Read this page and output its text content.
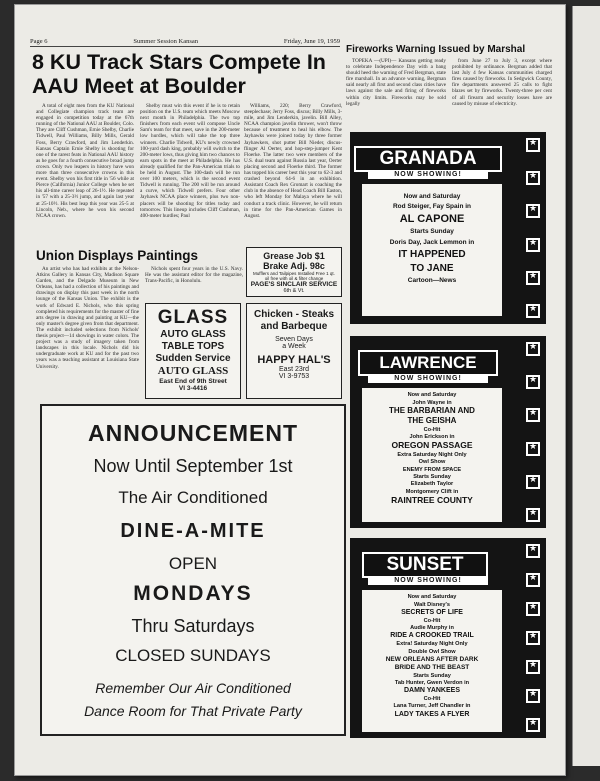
Page 6	Summer Session Kansan	Friday, June 19, 1959
8 KU Track Stars Compete In AAU Meet at Boulder

A total of eight men from the KU National and Collegiate champion track team are engaged in competition today at the 67th running of the National AAU at Boulder, Colo. They are Cliff Cushman, Ernie Shelby, Charlie Tidwell, Paul Williams, Billy Mills, Gerald Foss, Berry Crawford, and Jim Lenderkin. Kansas Captain Ernie Shelby is shooting for one of the rarest feats in National AAU history as he goes for a fourth consecutive broad jump crown. Only two leapers in history have won more than three consecutive crowns in this event. Shelby won his first title in '56 while at Pierce (California) Junior College when he set his all-time career leap of 26-1½. He repeated in '57 with a 25-3½ jump, and again last year at 25-10½. His best leap this year was 25-5 at Lincoln, Neb., where he won his second NCAA crown.

Shelby must win this event if he is to retain position on the U.S. team which meets Moscow next month in Philadelphia. The two top finishers from each event will compose Uncle Sam's team for that meet, save in the 200-meter low hurdles, which will take the top three winners. Charlie Tidwell, KU's newly crowned 100-yard dash king, probably will switch to the 200-meter lows, thus giving him two chances to earn spots in the meet at Philadelphia. He has already qualified for the Pan-American trials to be held in August. The 100-dash will be run over 100 meters, which is the second event Tidwell is running. The 200 will be run around a curve, which Tidwell prefers. Four other Jayhawk NCAA place winners, plus two non-placers will be shooting for titles today and tomorrow. This lineup includes Cliff Cushman, 400-meter hurdles; Paul

Williams, 220; Berry Crawford, steeplechase; Jerry Foss, discus; Billy Mills, 3-mile, and Jim Lenderkin, javelin. Bill Alley, NCAA champion javelin thrower, won't throw because of treatment to heal his elbow. The Jayhawks were joined today by three former Jayhawkers, shot putter Bill Nieder, discus-flinger Al Oerter, and hop-step-jumper Kent Floerke. The latter two were members of the U.S. dual team against Russia last year, Oerter placing second and Floerke third. The former has topped his career best this year to 62-3 and crashed beyond 64-6 in an exhibition. Assistant Coach Rex Gromart is coaching the club in the absence of Head Coach Bill Easton, who left Monday for Malaya where he will conduct a track clinic. However, he will return in time for the Pan-American Games in August.

Union Displays Paintings

An artist who has had exhibits at the Nelson-Atkins Gallery in Kansas City, Madison Square Garden, and the Delgado Museum in New Orleans, has had a collection of his paintings and drawings on display this past week in the north lounge of the Kansas Union. The exhibit is the work of Edward E. Nichols, who this spring completed his requirements for the master of fine arts degree in drawing and painting at KU—the only master's degree given from that department. The exhibit included selections from Nichols' thesis project—14 showings in water colors. The project was a study of imagery taken from landscapes in this locale. Nichols did his undergraduate work at KU and for the past two years was a teaching assistant at Louisiana State University.

Nichols spent four years in the U.S. Navy. He was the assistant editor for the magazine, Trans-Pacific, in Honolulu.

Grease Job $1
Brake Adj. 98c
Mufflers and Tailpipes Installed Free 1 qt. oil free with oil & filter change
PAGE'S SINCLAIR SERVICE
6th & Vt.
GLASS
AUTO GLASS
TABLE TOPS
Sudden Service
AUTO GLASS
East End of 9th Street
VI 3-4416
Chicken - Steaks and Barbeque
Seven Days
a Week
HAPPY HAL'S
East 23rd
VI 3-9753
ANNOUNCEMENT
Now Until September 1st
The Air Conditioned
DINE-A-MITE
OPEN
MONDAYS
Thru Saturdays
CLOSED SUNDAYS
Remember Our Air Conditioned
Dance Room for That Private Party
Fireworks Warning Issued by Marshal

TOPEKA —(UPI)— Kansans getting ready to celebrate Independence Day with a bang should heed the warning of Fred Bergman, state fire marshall. In an advance warning, Bergman said nearly all first and second class cities have laws against the sale and firing of fireworks within city limits. Fireworks may be sold legally

from June 27 to July 3, except where prohibited by ordinance. Bergman added that last July 4 few Kansas communities charged fires caused by fireworks. In Sedgwick County, fire departments answered 25 calls to fight blazes set by fireworks. Twenty-three per cent of all firearm and security losses have are caused by misuse of electricity.

GRANADA
NOW SHOWING!
Now and Saturday
Rod Steiger, Fay Spain in
AL CAPONE
Starts Sunday
Doris Day, Jack Lemmon in
IT HAPPENED
TO JANE
Cartoon—News
★
★
★
★
★
★
LAWRENCE
NOW SHOWING!
Now and Saturday
John Wayne in
THE BARBARIAN AND
THE GEISHA
Co-Hit
John Erickson in
OREGON PASSAGE
Extra Saturday Night Only
Owl Show
ENEMY FROM SPACE
Starts Sunday
Elizabeth Taylor
Montgomery Clift in
RAINTREE COUNTY
★
★
★
★
★
★
SUNSET
NOW SHOWING!
Now and Saturday
Walt Disney's
SECRETS OF LIFE
Co-Hit
Audie Murphy in
RIDE A CROOKED TRAIL
Extra! Saturday Night Only
Double Owl Show
NEW ORLEANS AFTER DARK
BRIDE AND THE BEAST
Starts Sunday
Tab Hunter, Gwen Verdon in
DAMN YANKEES
Co-Hit
Lana Turner, Jeff Chandler in
LADY TAKES A FLYER
★
★
★
★
★
★
★
